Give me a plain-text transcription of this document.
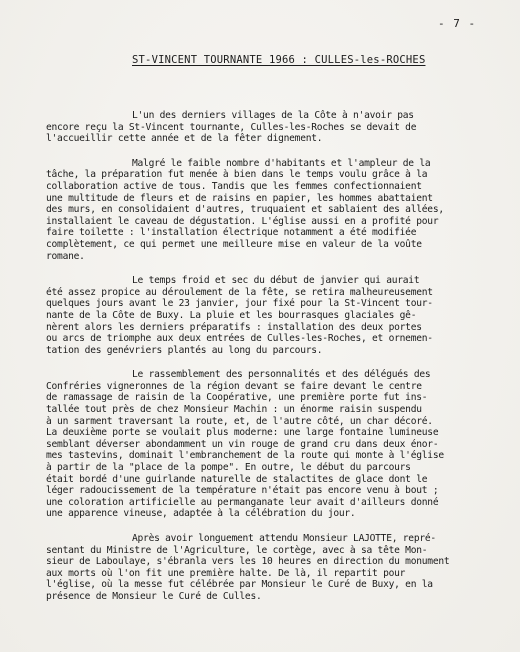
- 7 -
ST-VINCENT TOURNANTE 1966 : CULLES-les-ROCHES
L'un des derniers villages de la Côte à n'avoir pas
encore reçu la St-Vincent tournante, Culles-les-Roches se devait de
l'accueillir cette année et de la fêter dignement.
Malgré le faible nombre d'habitants et l'ampleur de la
tâche, la préparation fut menée à bien dans le temps voulu grâce à la
collaboration active de tous. Tandis que les femmes confectionnaient
une multitude de fleurs et de raisins en papier, les hommes abattaient
des murs, en consolidaient d'autres, truquaient et sablaient des allées,
installaient le caveau de dégustation. L'église aussi en a profité pour
faire toilette : l'installation électrique notamment a été modifiée
complètement, ce qui permet une meilleure mise en valeur de la voûte
romane.
Le temps froid et sec du début de janvier qui aurait
été assez propice au déroulement de la fête, se retira malheureusement
quelques jours avant le 23 janvier, jour fixé pour la St-Vincent tour-
nante de la Côte de Buxy. La pluie et les bourrasques glaciales gê-
nèrent alors les derniers préparatifs : installation des deux portes
ou arcs de triomphe aux deux entrées de Culles-les-Roches, et ornemen-
tation des genévriers plantés au long du parcours.
Le rassemblement des personnalités et des délégués des
Confréries vigneronnes de la région devant se faire devant le centre
de ramassage de raisin de la Coopérative, une première porte fut ins-
tallée tout près de chez Monsieur Machin : un énorme raisin suspendu
à un sarment traversant la route, et, de l'autre côté, un char décoré.
La deuxième porte se voulait plus moderne: une large fontaine lumineuse
semblant déverser abondamment un vin rouge de grand cru dans deux énor-
mes tastevins, dominait l'embranchement de la route qui monte à l'église
à partir de la "place de la pompe". En outre, le début du parcours
était bordé d'une guirlande naturelle de stalactites de glace dont le
léger radoucissement de la température n'était pas encore venu à bout ;
une coloration artificielle au permanganate leur avait d'ailleurs donné
une apparence vineuse, adaptée à la célébration du jour.
Après avoir longuement attendu Monsieur LAJOTTE, repré-
sentant du Ministre de l'Agriculture, le cortège, avec à sa tête Mon-
sieur de Laboulaye, s'ébranla vers les 10 heures en direction du monument
aux morts où l'on fit une première halte. De là, il repartit pour
l'église, où la messe fut célébrée par Monsieur le Curé de Buxy, en la
présence de Monsieur le Curé de Culles.
